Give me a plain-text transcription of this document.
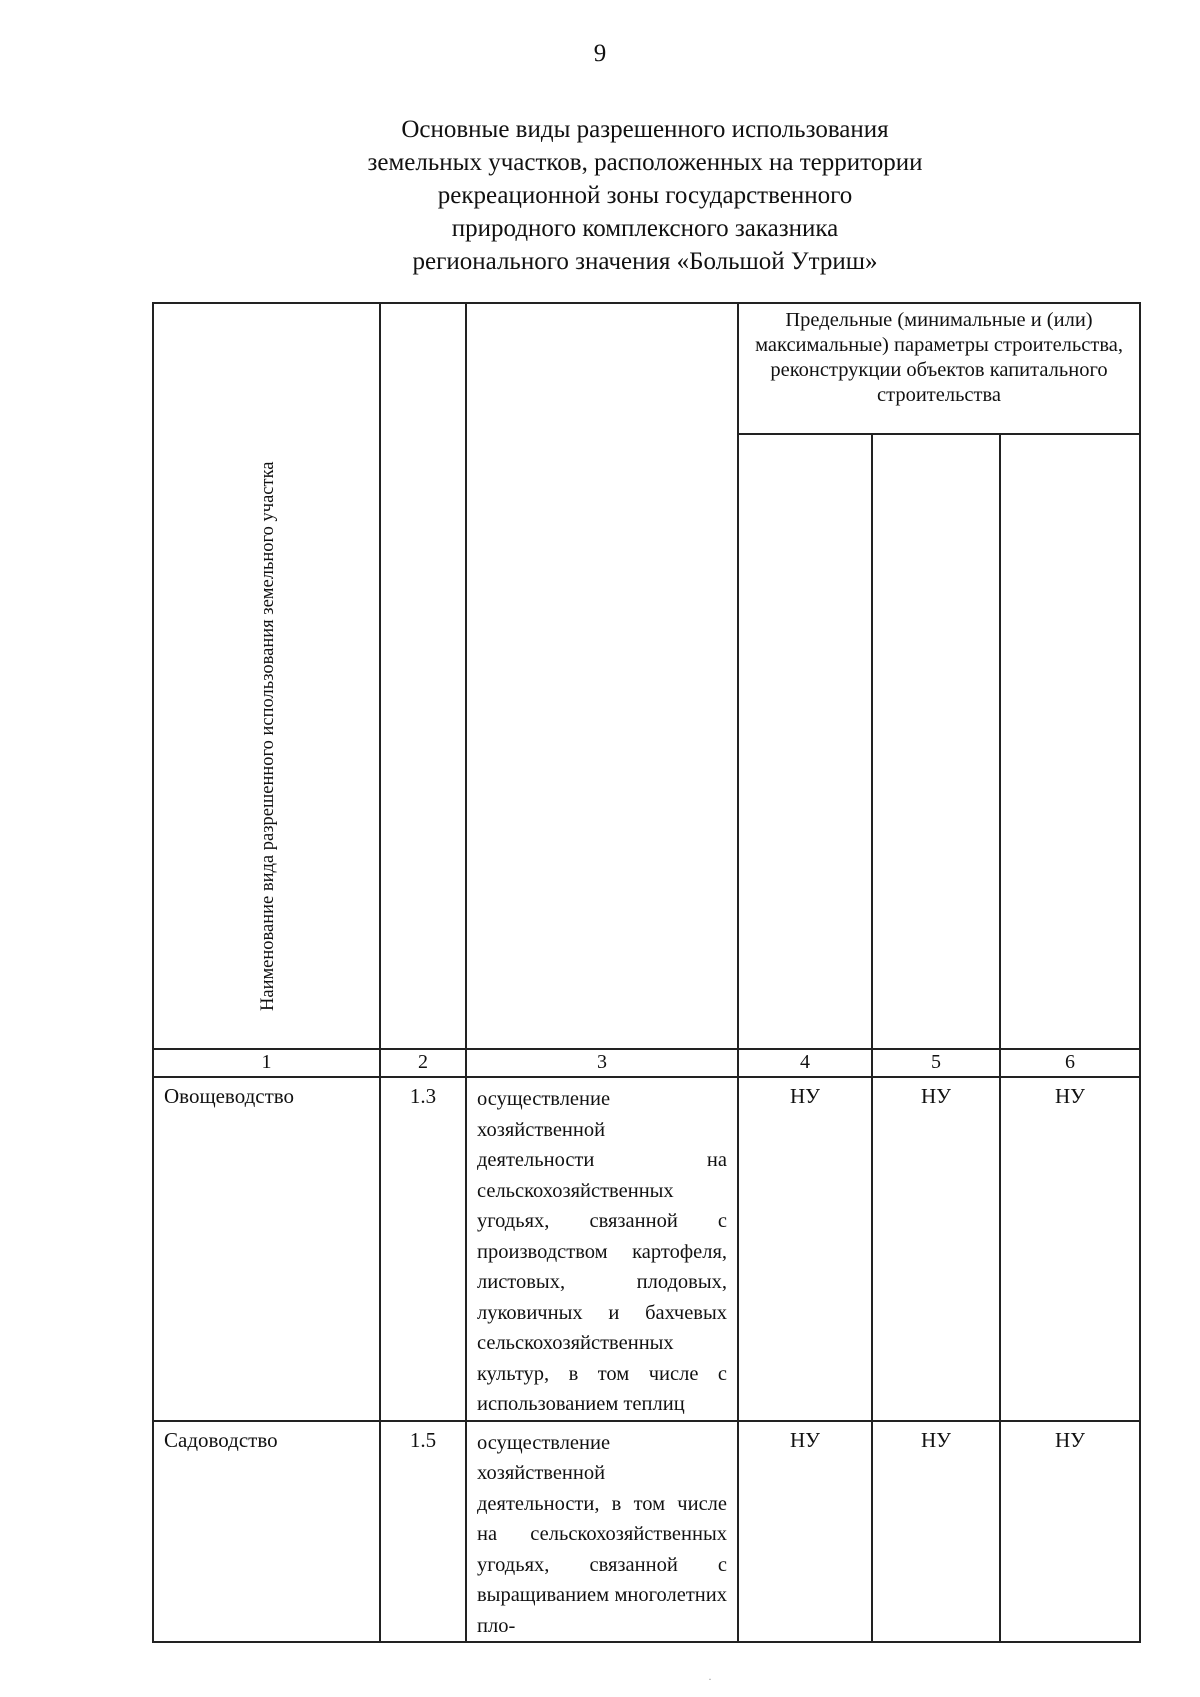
9
Основные виды разрешенного использования
земельных участков, расположенных на территории
рекреационной зоны государственного
природного комплексного заказника
регионального значения «Большой Утриш»
Наименование вида разрешенного использования земельного участка			Предельные (минимальные и (или) максимальные) параметры строительства, реконструкции объектов капитального строительства		

1	2	3	4	5	6
Овощеводство	1.3	осуществление хозяйственной деятельности на сельскохозяйственных угодьях, связанной с производством картофеля, листовых, плодовых, луковичных и бахчевых сельскохозяйственных культур, в том числе с использованием теплиц	НУ	НУ	НУ
Садоводство	1.5	осуществление хозяйственной деятельности, в том числе на сельскохозяйственных угодьях, связанной с выращиванием многолетних пло-	НУ	НУ	НУ
·
